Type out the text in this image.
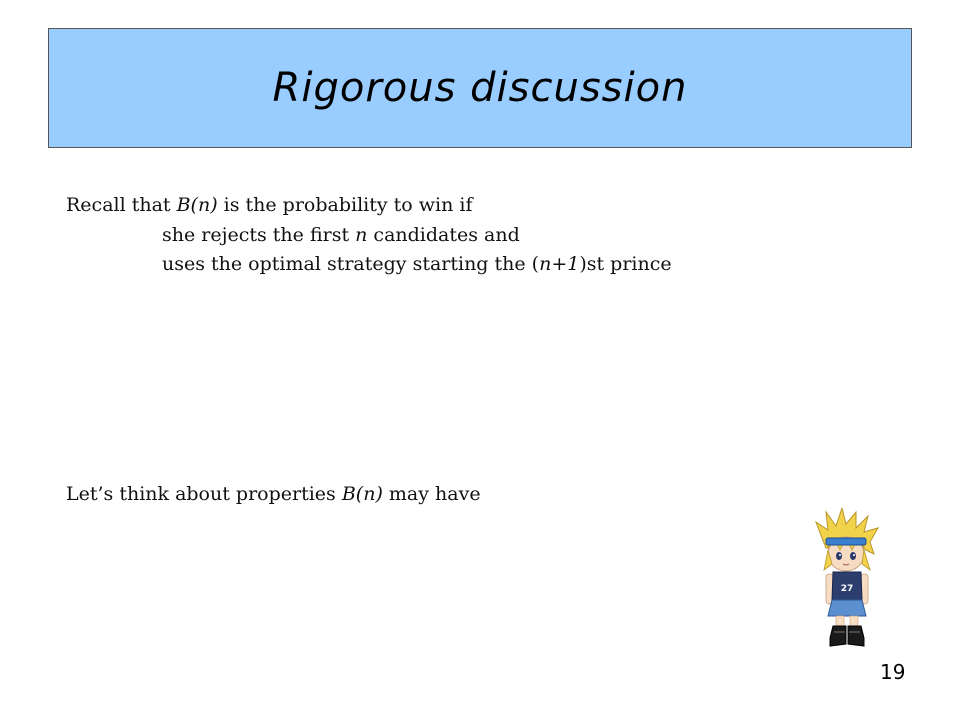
Rigorous discussion
Recall that B(n) is the probability to win if
she rejects the first n candidates and
uses the optimal strategy starting the (n+1)st prince
Let’s think about properties B(n) may have
27
19
